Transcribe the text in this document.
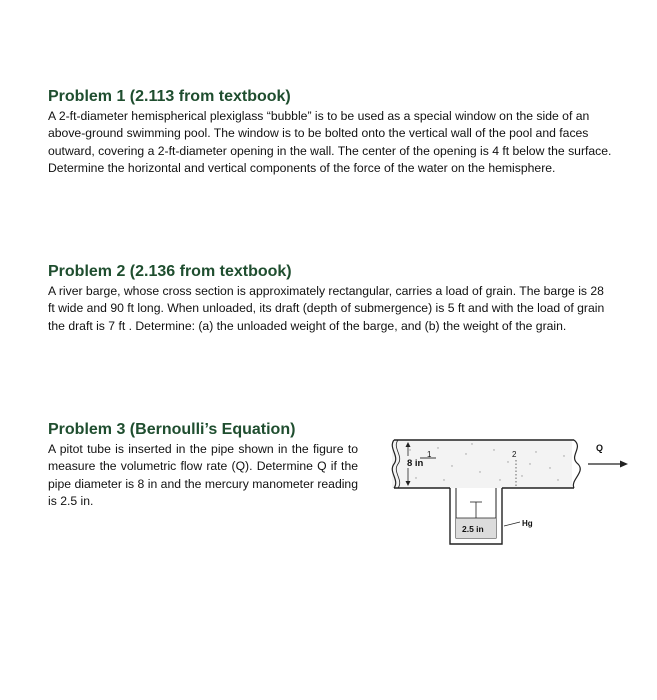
Problem 1 (2.113 from textbook)

A 2-ft-diameter hemispherical plexiglass “bubble” is to be used as a special window on the side of an above-ground swimming pool. The window is to be bolted onto the vertical wall of the pool and faces outward, covering a 2-ft-diameter opening in the wall. The center of the opening is 4 ft below the surface. Determine the horizontal and vertical components of the force of the water on the hemisphere.

Problem 2 (2.136 from textbook)

A river barge, whose cross section is approximately rectangular, carries a load of grain. The barge is 28 ft wide and 90 ft long. When unloaded, its draft (depth of submergence) is 5 ft and with the load of grain the draft is 7 ft . Determine: (a) the unloaded weight of the barge, and (b) the weight of the grain.

Problem 3 (Bernoulli’s Equation)

A pitot tube is inserted in the pipe shown in the figure to measure the volumetric flow rate (Q). Determine Q if the pipe diameter is 8 in and the mercury manometer reading is 2.5 in.

8 in
1	2
Q
2.5 in
Hg
